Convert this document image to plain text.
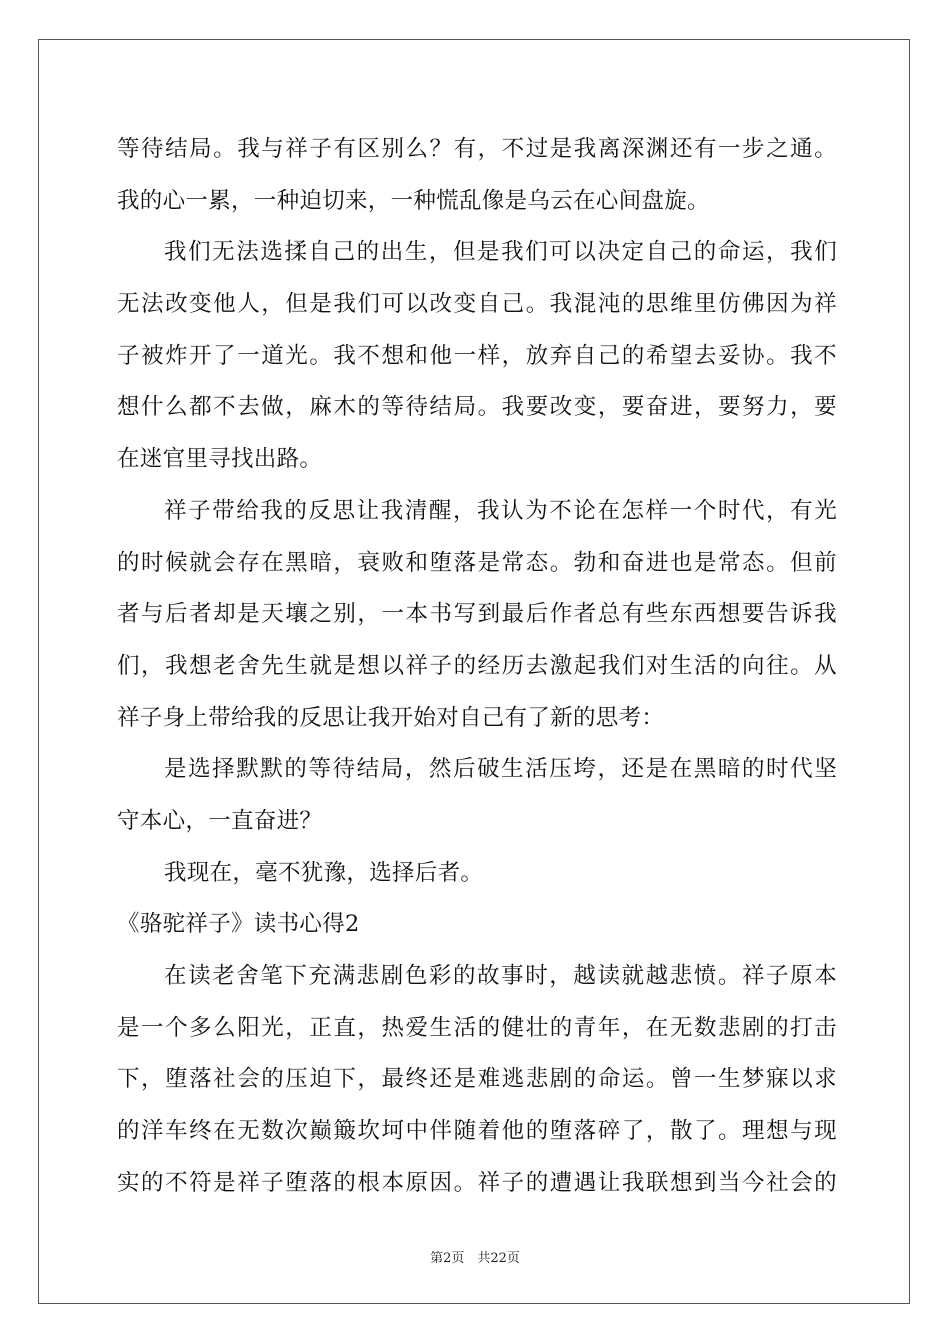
等待结局。我与祥子有区别么？有，不过是我离深渊还有一步之通。
我的心一累，一种迫切来，一种慌乱像是乌云在心间盘旋。
我们无法选揉自己的出生，但是我们可以决定自己的命运，我们
无法改变他人，但是我们可以改变自己。我混沌的思维里仿佛因为祥
子被炸开了一道光。我不想和他一样，放弃自己的希望去妥协。我不
想什么都不去做，麻木的等待结局。我要改变，要奋进，要努力，要
在迷官里寻找出路。
祥子带给我的反思让我清醒，我认为不论在怎样一个时代，有光
的时候就会存在黑暗，衰败和堕落是常态。勃和奋进也是常态。但前
者与后者却是天壤之别，一本书写到最后作者总有些东西想要告诉我
们，我想老舍先生就是想以祥子的经历去激起我们对生活的向往。从
祥子身上带给我的反思让我开始对自己有了新的思考：
是选择默默的等待结局，然后破生活压垮，还是在黑暗的时代坚
守本心，一直奋进？
我现在，毫不犹豫，选择后者。
《骆驼祥子》读书心得2
在读老舍笔下充满悲剧色彩的故事时，越读就越悲愤。祥子原本
是一个多么阳光，正直，热爱生活的健壮的青年，在无数悲剧的打击
下，堕落社会的压迫下，最终还是难逃悲剧的命运。曾一生梦寐以求
的洋车终在无数次巅簸坎坷中伴随着他的堕落碎了，散了。理想与现
实的不符是祥子堕落的根本原因。祥子的遭遇让我联想到当今社会的
第2页　共22页
